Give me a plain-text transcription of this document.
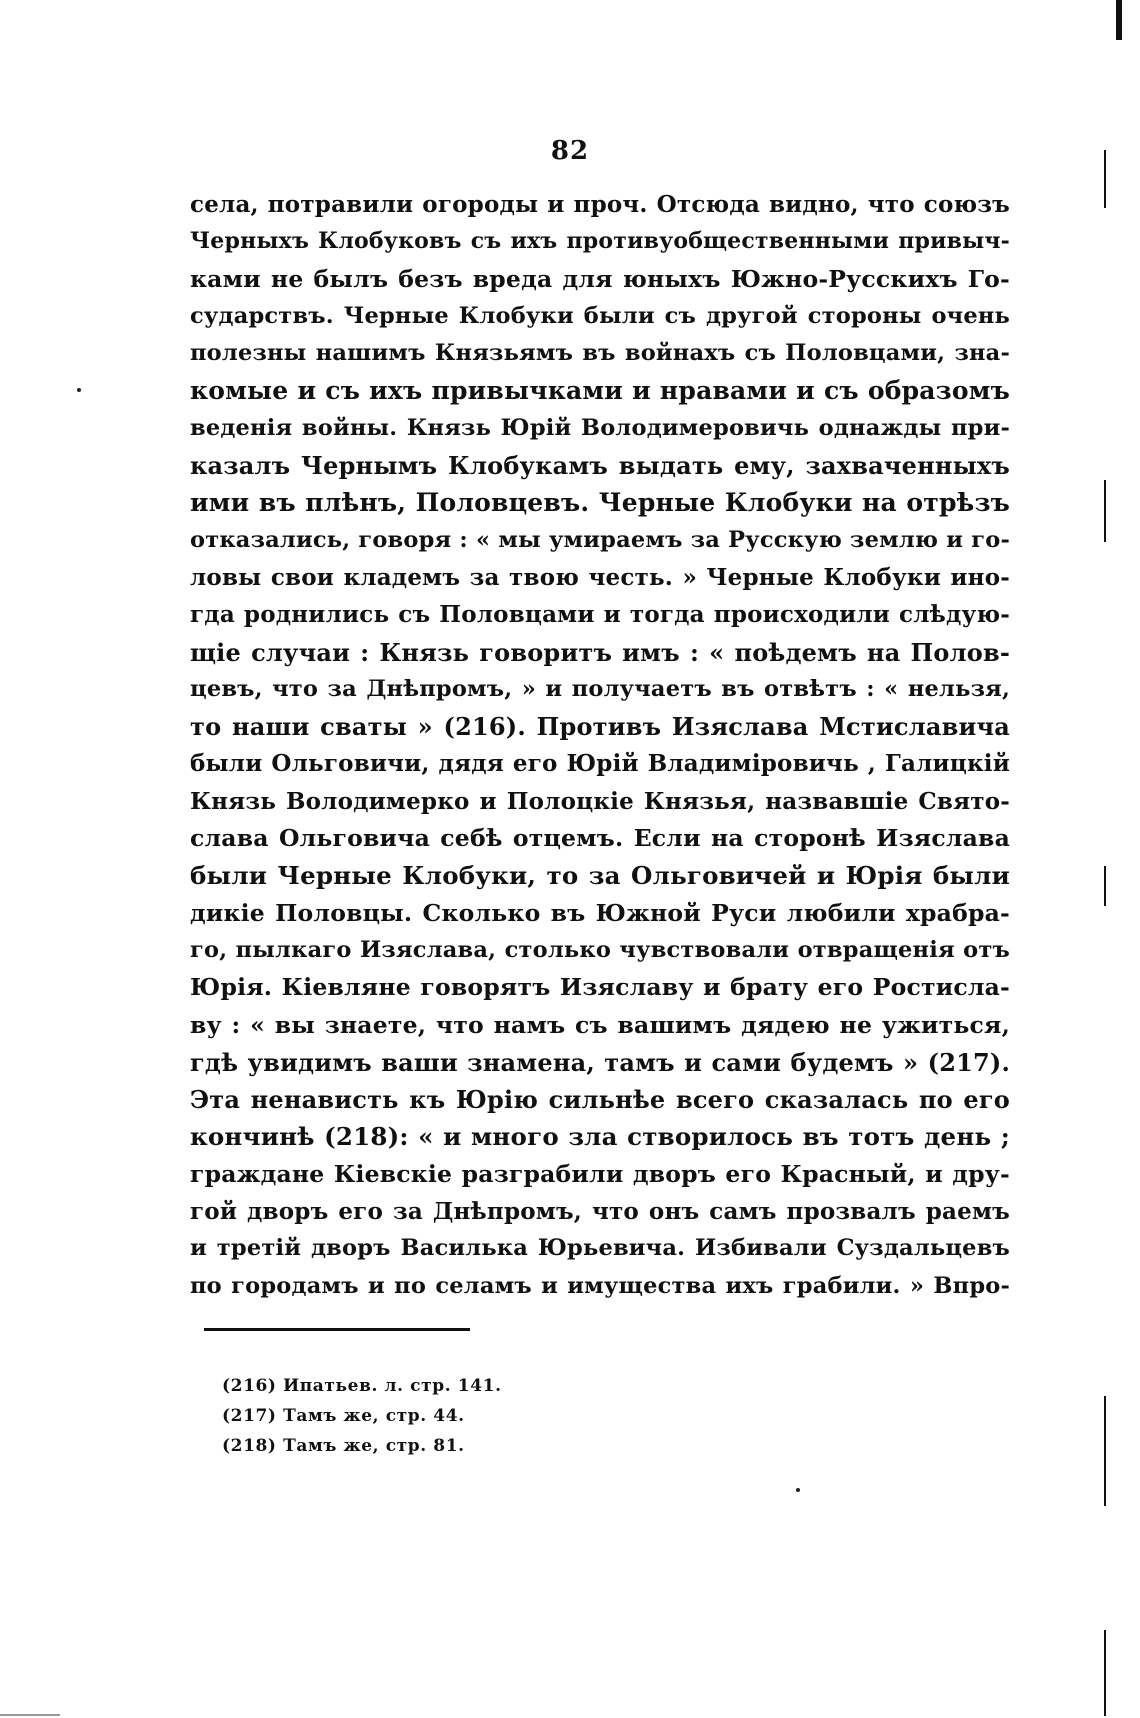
82
села, потравили огороды и проч. Отсюда видно, что союзъ
Черныхъ Клобуковъ съ ихъ противуобщественными привыч-
ками не былъ безъ вреда для юныхъ Южно-Русскихъ Го-
сударствъ. Черные Клобуки были съ другой стороны очень
полезны нашимъ Князьямъ въ войнахъ съ Половцами, зна-
комые и съ ихъ привычками и нравами и съ образомъ
веденія войны. Князь Юрій Володимеровичь однажды при-
казалъ Чернымъ Клобукамъ выдать ему, захваченныхъ
ими въ плѣнъ, Половцевъ. Черные Клобуки на отрѣзъ
отказались, говоря : « мы умираемъ за Русскую землю и го-
ловы свои кладемъ за твою честь. » Черные Клобуки ино-
гда роднились съ Половцами и тогда происходили слѣдую-
щіе случаи : Князь говоритъ имъ : « поѣдемъ на Полов-
цевъ, что за Днѣпромъ, » и получаетъ въ отвѣтъ : « нельзя,
то наши сваты » (216). Противъ Изяслава Мстиславича
были Ольговичи, дядя его Юрій Владиміровичь , Галицкій
Князь Володимерко и Полоцкіе Князья, назвавшіе Свято-
слава Ольговича себѣ отцемъ. Если на сторонѣ Изяслава
были Черные Клобуки, то за Ольговичей и Юрія были
дикіе Половцы. Сколько въ Южной Руси любили храбра-
го, пылкаго Изяслава, столько чувствовали отвращенія отъ
Юрія. Кіевляне говорятъ Изяславу и брату его Ростисла-
ву : « вы знаете, что намъ съ вашимъ дядею не ужиться,
гдѣ увидимъ ваши знамена, тамъ и сами будемъ » (217).
Эта ненависть къ Юрію сильнѣе всего сказалась по его
кончинѣ (218): « и много зла створилось въ тотъ день ;
граждане Кіевскіе разграбили дворъ его Красный, и дру-
гой дворъ его за Днѣпромъ, что онъ самъ прозвалъ раемъ
и третій дворъ Василька Юрьевича. Избивали Суздальцевъ
по городамъ и по селамъ и имущества ихъ грабили. » Впро-
(216) Ипатьев. л. стр. 141.
(217) Тамъ же, стр. 44.
(218) Тамъ же, стр. 81.
